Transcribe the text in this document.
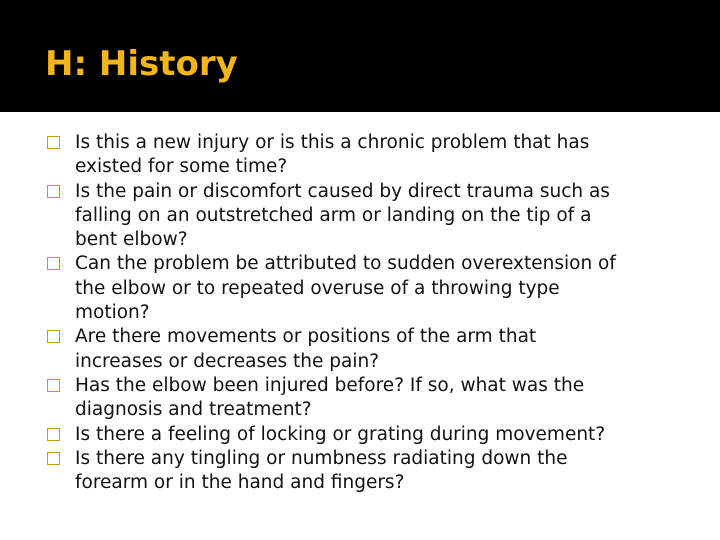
H: History
Is this a new injury or is this a chronic problem that has
existed for some time?
Is the pain or discomfort caused by direct trauma such as
falling on an outstretched arm or landing on the tip of a
bent elbow?
Can the problem be attributed to sudden overextension of
the elbow or to repeated overuse of a throwing type
motion?
Are there movements or positions of the arm that
increases or decreases the pain?
Has the elbow been injured before? If so, what was the
diagnosis and treatment?
Is there a feeling of locking or grating during movement?
Is there any tingling or numbness radiating down the
forearm or in the hand and fingers?
